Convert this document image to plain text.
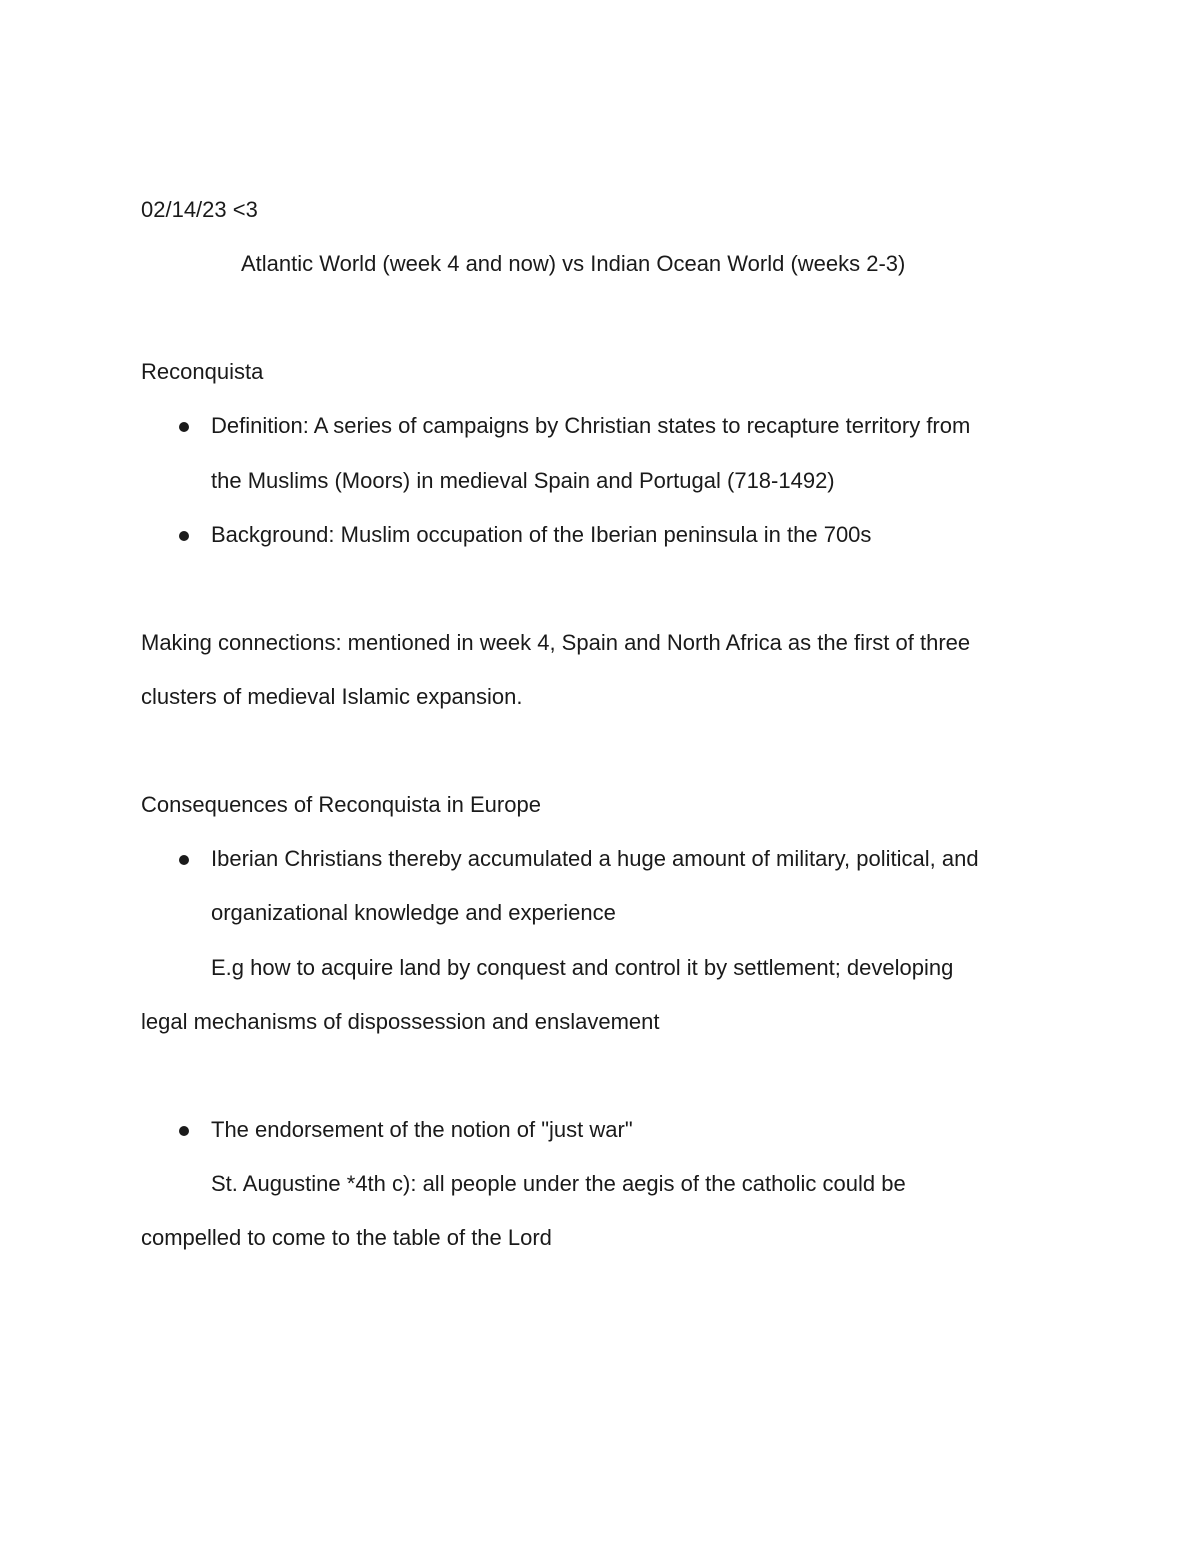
02/14/23 <3
Atlantic World (week 4 and now) vs Indian Ocean World (weeks 2-3)
Reconquista
Definition: A series of campaigns by Christian states to recapture territory from
the Muslims (Moors) in medieval Spain and Portugal (718-1492)
Background: Muslim occupation of the Iberian peninsula in the 700s
Making connections: mentioned in week 4, Spain and North Africa as the first of three
clusters of medieval Islamic expansion.
Consequences of Reconquista in Europe
Iberian Christians thereby accumulated a huge amount of military, political, and
organizational knowledge and experience
E.g how to acquire land by conquest and control it by settlement; developing
legal mechanisms of dispossession and enslavement
The endorsement of the notion of "just war"
St. Augustine *4th c): all people under the aegis of the catholic could be
compelled to come to the table of the Lord
